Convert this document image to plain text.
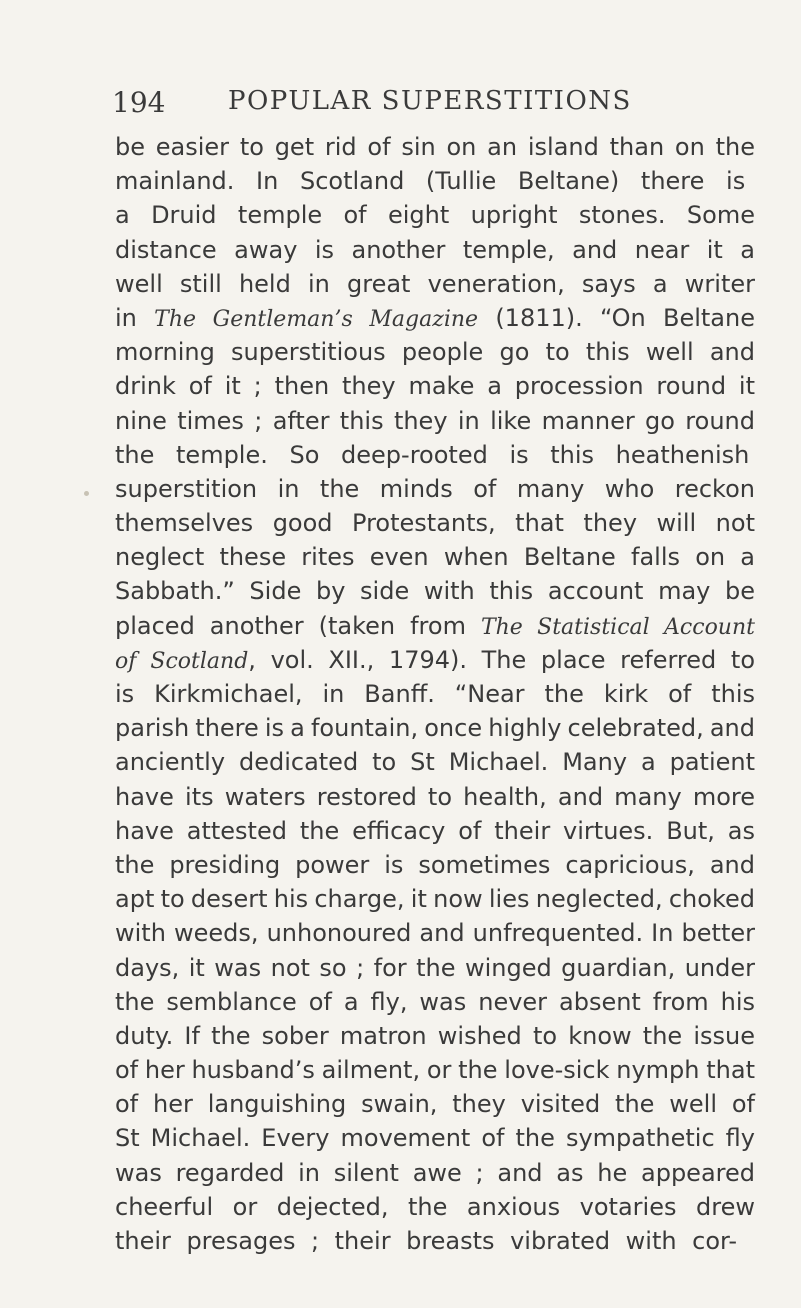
194 POPULAR SUPERSTITIONS
be easier to get rid of sin on an island than on the
mainland. In Scotland (Tullie Beltane) there is
a Druid temple of eight upright stones. Some
distance away is another temple, and near it a
well still held in great veneration, says a writer
in The Gentleman’s Magazine (1811). “On Beltane
morning superstitious people go to this well and
drink of it ; then they make a procession round it
nine times ; after this they in like manner go round
the temple. So deep-rooted is this heathenish
superstition in the minds of many who reckon
themselves good Protestants, that they will not
neglect these rites even when Beltane falls on a
Sabbath.” Side by side with this account may be
placed another (taken from The Statistical Account
of Scotland, vol. XII., 1794). The place referred to
is Kirkmichael, in Banff. “Near the kirk of this
parish there is a fountain, once highly celebrated, and
anciently dedicated to St Michael. Many a patient
have its waters restored to health, and many more
have attested the efficacy of their virtues. But, as
the presiding power is sometimes capricious, and
apt to desert his charge, it now lies neglected, choked
with weeds, unhonoured and unfrequented. In better
days, it was not so ; for the winged guardian, under
the semblance of a fly, was never absent from his
duty. If the sober matron wished to know the issue
of her husband’s ailment, or the love-sick nymph that
of her languishing swain, they visited the well of
St Michael. Every movement of the sympathetic fly
was regarded in silent awe ; and as he appeared
cheerful or dejected, the anxious votaries drew
their presages ; their breasts vibrated with cor-
